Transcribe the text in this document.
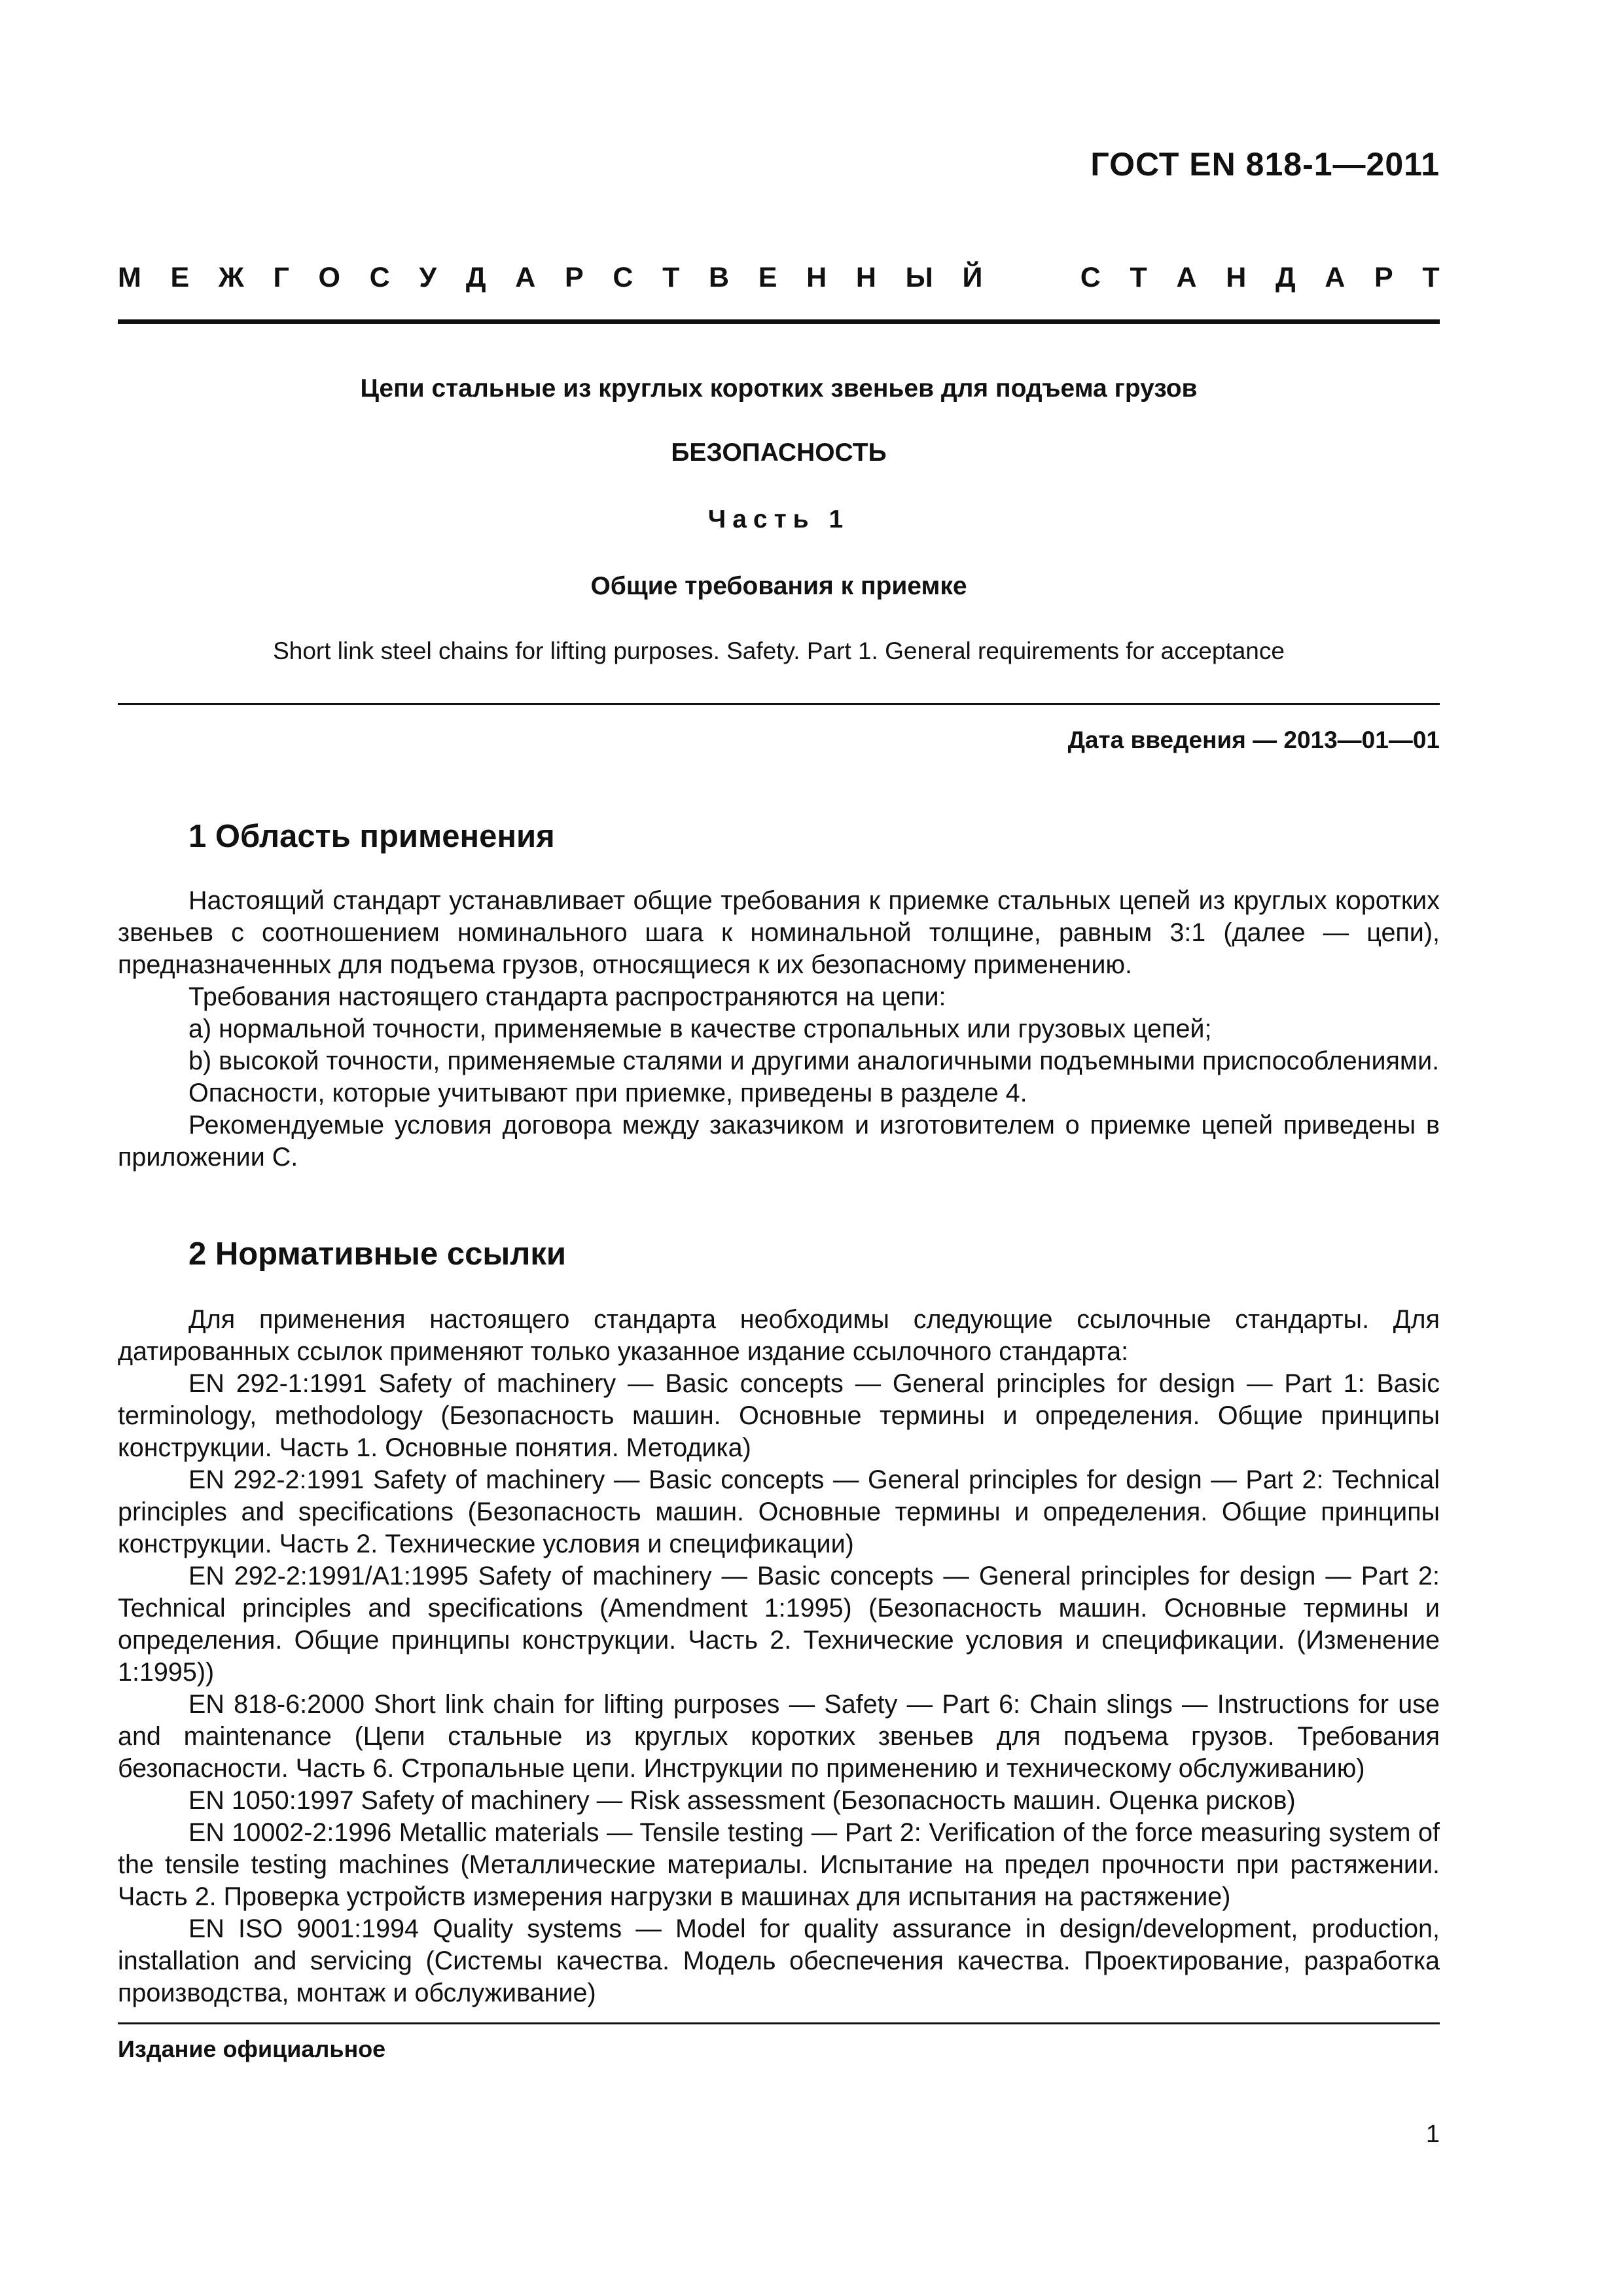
ГОСТ EN 818-1—2011
М Е Ж Г О С У Д А Р С Т В Е Н Н Ы Й	С Т А Н Д А Р Т
Цепи стальные из круглых коротких звеньев для подъема грузов
БЕЗОПАСНОСТЬ
Часть 1
Общие требования к приемке
Short link steel chains for lifting purposes. Safety. Part 1. General requirements for acceptance
Дата введения — 2013—01—01
1 Область применения

Настоящий стандарт устанавливает общие требования к приемке стальных цепей из круглых коротких звеньев с соотношением номинального шага к номинальной толщине, равным 3:1 (далее — цепи), предназначенных для подъема грузов, относящиеся к их безопасному применению.

Требования настоящего стандарта распространяются на цепи:

a) нормальной точности, применяемые в качестве стропальных или грузовых цепей;

b) высокой точности, применяемые сталями и другими аналогичными подъемными приспособлениями.

Опасности, которые учитывают при приемке, приведены в разделе 4.

Рекомендуемые условия договора между заказчиком и изготовителем о приемке цепей приведены в приложении С.

2 Нормативные ссылки

Для применения настоящего стандарта необходимы следующие ссылочные стандарты. Для датированных ссылок применяют только указанное издание ссылочного стандарта:

EN 292-1:1991 Safety of machinery — Basic concepts — General principles for design — Part 1: Basic terminology, methodology (Безопасность машин. Основные термины и определения. Общие принципы конструкции. Часть 1. Основные понятия. Методика)

EN 292-2:1991 Safety of machinery — Basic concepts — General principles for design — Part 2: Technical principles and specifications (Безопасность машин. Основные термины и определения. Общие принципы конструкции. Часть 2. Технические условия и спецификации)

EN 292-2:1991/A1:1995 Safety of machinery — Basic concepts — General principles for design — Part 2: Technical principles and specifications (Amendment 1:1995) (Безопасность машин. Основные термины и определения. Общие принципы конструкции. Часть 2. Технические условия и спецификации. (Изменение 1:1995))

EN 818-6:2000 Short link chain for lifting purposes — Safety — Part 6: Chain slings — Instructions for use and maintenance (Цепи стальные из круглых коротких звеньев для подъема грузов. Требования безопасности. Часть 6. Стропальные цепи. Инструкции по применению и техническому обслуживанию)

EN 1050:1997 Safety of machinery — Risk assessment (Безопасность машин. Оценка рисков)

EN 10002-2:1996 Metallic materials — Tensile testing — Part 2: Verification of the force measuring system of the tensile testing machines (Металлические материалы. Испытание на предел прочности при растяжении. Часть 2. Проверка устройств измерения нагрузки в машинах для испытания на растяжение)

EN ISO 9001:1994 Quality systems — Model for quality assurance in design/development, production, installation and servicing (Системы качества. Модель обеспечения качества. Проектирование, разработка производства, монтаж и обслуживание)

Издание официальное
1
